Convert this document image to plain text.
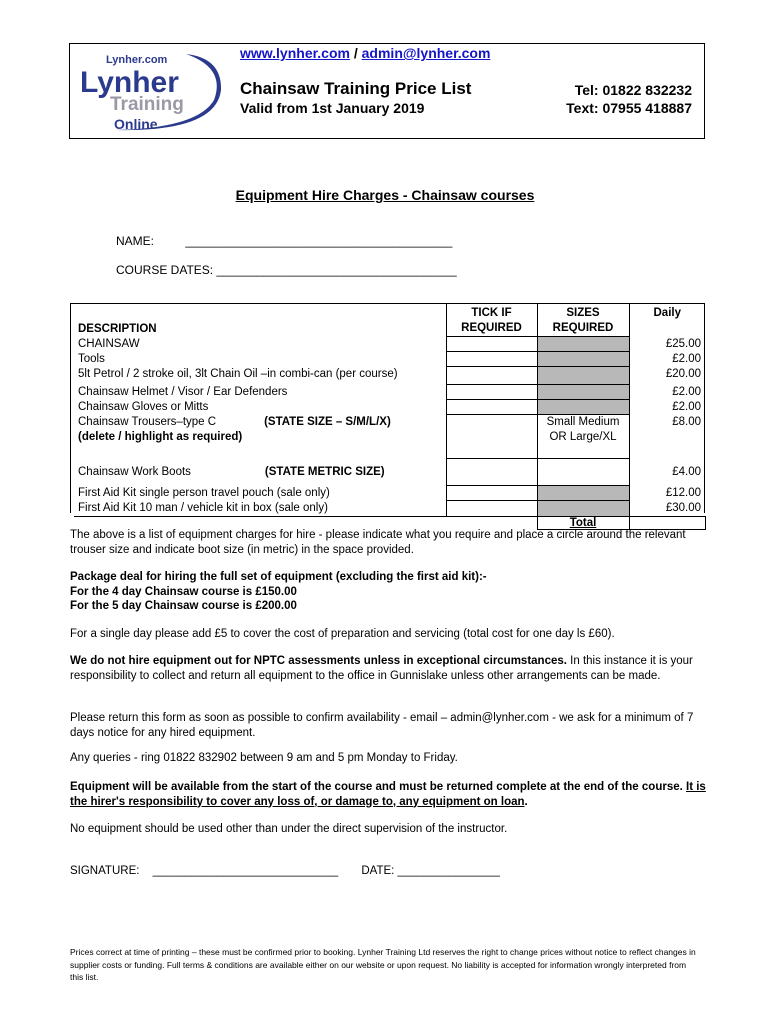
Lynher.com
Lynher
Training
Online
www.lynher.com / admin@lynher.com
Chainsaw Training Price List
Valid from 1st January 2019
Tel: 01822 832232
Text: 07955 418887
Equipment Hire Charges - Chainsaw courses
NAME:	________________________________________
COURSE DATES: ____________________________________
DESCRIPTION	TICK IF REQUIRED	SIZES REQUIRED	Daily
CHAINSAW			£25.00
Tools			£2.00
5lt Petrol / 2 stroke oil, 3lt Chain Oil –in combi-can (per course)			£20.00
Chainsaw Helmet / Visor / Ear Defenders			£2.00
Chainsaw Gloves or Mitts			£2.00
Chainsaw Trousers–type C (STATE SIZE – S/M/L/X)
(delete / highlight as required)		Small Medium OR Large/XL	£8.00
Chainsaw Work Boots (STATE METRIC SIZE)			£4.00
First Aid Kit single person travel pouch (sale only)			£12.00
First Aid Kit 10 man / vehicle kit in box (sale only)			£30.00
		Total	
The above is a list of equipment charges for hire - please indicate what you require and place a circle around the relevant trouser size and indicate boot size (in metric) in the space provided.
Package deal for hiring the full set of equipment (excluding the first aid kit):-
For the 4 day Chainsaw course is £150.00
For the 5 day Chainsaw course is £200.00
For a single day please add £5 to cover the cost of preparation and servicing (total cost for one day ls £60).
We do not hire equipment out for NPTC assessments unless in exceptional circumstances. In this instance it is your responsibility to collect and return all equipment to the office in Gunnislake unless other arrangements can be made.
Please return this form as soon as possible to confirm availability - email – admin@lynher.com - we ask for a minimum of 7 days notice for any hired equipment.
Any queries - ring 01822 832902 between 9 am and 5 pm Monday to Friday.
Equipment will be available from the start of the course and must be returned complete at the end of the course. It is the hirer's responsibility to cover any loss of, or damage to, any equipment on loan.
No equipment should be used other than under the direct supervision of the instructor.
SIGNATURE: _____________________________ DATE: ________________
Prices correct at time of printing – these must be confirmed prior to booking. Lynher Training Ltd reserves the right to change prices without notice to reflect changes in supplier costs or funding. Full terms & conditions are available either on our website or upon request. No liability is accepted for information wrongly interpreted from this list.
